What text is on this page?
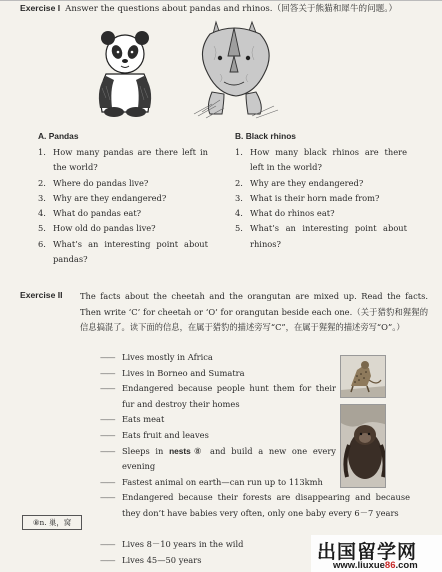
Exercise I Answer the questions about pandas and rhinos.（回答关于熊猫和犀牛的问题。）
A. Pandas
1. How many pandas are there left in the world?
2. Where do pandas live?
3. Why are they endangered?
4. What do pandas eat?
5. How old do pandas live?
6. What’s an interesting point about pandas?
B. Black rhinos
1. How many black rhinos are there left in the world?
2. Why are they endangered?
3. What is their horn made from?
4. What do rhinos eat?
5. What’s an interesting point about rhinos?
Exercise II The facts about the cheetah and the orangutan are mixed up. Read the facts. Then write ‘C’ for cheetah or ‘O’ for orangutan beside each one.（关于猎豹和猩猩的信息搞混了。读下面的信息，在属于猎豹的描述旁写“C”，在属于猩猩的描述旁写“O”。）
—— Lives mostly in Africa
—— Lives in Borneo and Sumatra
—— Endangered because people hunt them for their fur and destroy their homes
—— Eats meat
—— Eats fruit and leaves
—— Sleeps in nests⑧ and build a new one every evening
—— Fastest animal on earth—can run up to 113kmh
—— Endangered because their forests are disappearing and because they don’t have babies very often, only one baby every 6－7 years
—— Lives 8－10 years in the wild
—— Lives 45—50 years
⑧n. 巢，窝
出国留学网
www.liuxue86.com
